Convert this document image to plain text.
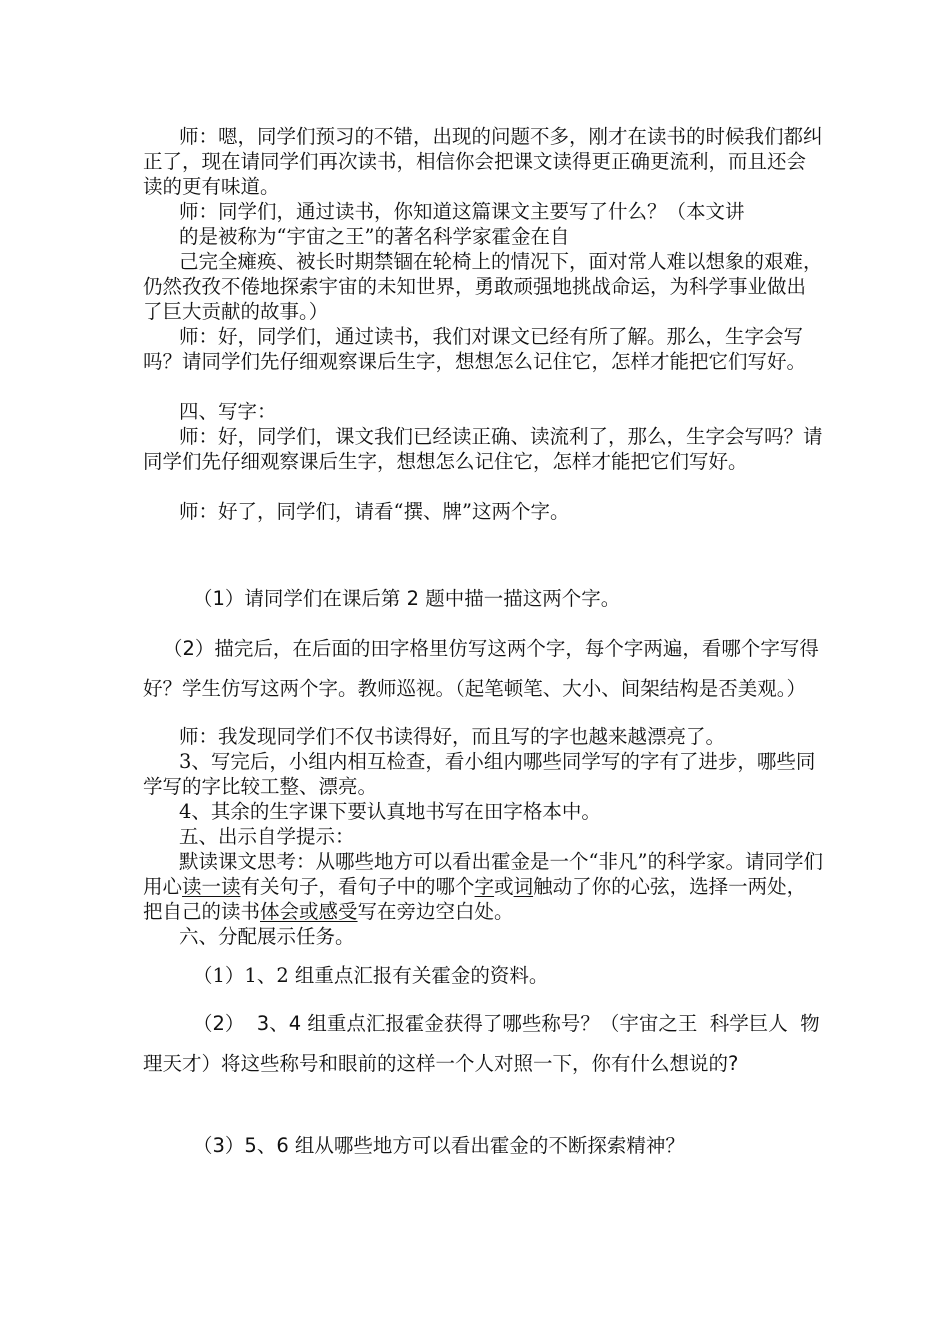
师：嗯，同学们预习的不错，出现的问题不多，刚才在读书的时候我们都纠正了，现在请同学们再次读书，相信你会把课文读得更正确更流利，而且还会读的更有味道。

师：同学们，通过读书，你知道这篇课文主要写了什么？（本文讲

的是被称为“宇宙之王”的著名科学家霍金在自

己完全瘫痪、被长时期禁锢在轮椅上的情况下，面对常人难以想象的艰难，仍然孜孜不倦地探索宇宙的未知世界，勇敢顽强地挑战命运，为科学事业做出了巨大贡献的故事。）

师：好，同学们，通过读书，我们对课文已经有所了解。那么，生字会写吗？请同学们先仔细观察课后生字，想想怎么记住它，怎样才能把它们写好。

四、写字：

师：好，同学们，课文我们已经读正确、读流利了，那么，生字会写吗？请同学们先仔细观察课后生字，想想怎么记住它，怎样才能把它们写好。

师：好了，同学们，请看“撰、牌”这两个字。

（1）请同学们在课后第 2 题中描一描这两个字。

（2）描完后，在后面的田字格里仿写这两个字，每个字两遍，看哪个字写得好？学生仿写这两个字。教师巡视。（起笔顿笔、大小、间架结构是否美观。）

师：我发现同学们不仅书读得好，而且写的字也越来越漂亮了。

3、写完后，小组内相互检查，看小组内哪些同学写的字有了进步，哪些同学写的字比较工整、漂亮。

4、其余的生字课下要认真地书写在田字格本中。

五、出示自学提示：

默读课文思考：从哪些地方可以看出霍金是一个“非凡”的科学家。请同学们用心读一读有关句子，看句子中的哪个字或词触动了你的心弦，选择一两处，把自己的读书体会或感受写在旁边空白处。

六、分配展示任务。

（1）1、2 组重点汇报有关霍金的资料。

（2）  3、4 组重点汇报霍金获得了哪些称号？（宇宙之王  科学巨人  物理天才）将这些称号和眼前的这样一个人对照一下，你有什么想说的?

（3）5、6 组从哪些地方可以看出霍金的不断探索精神？
